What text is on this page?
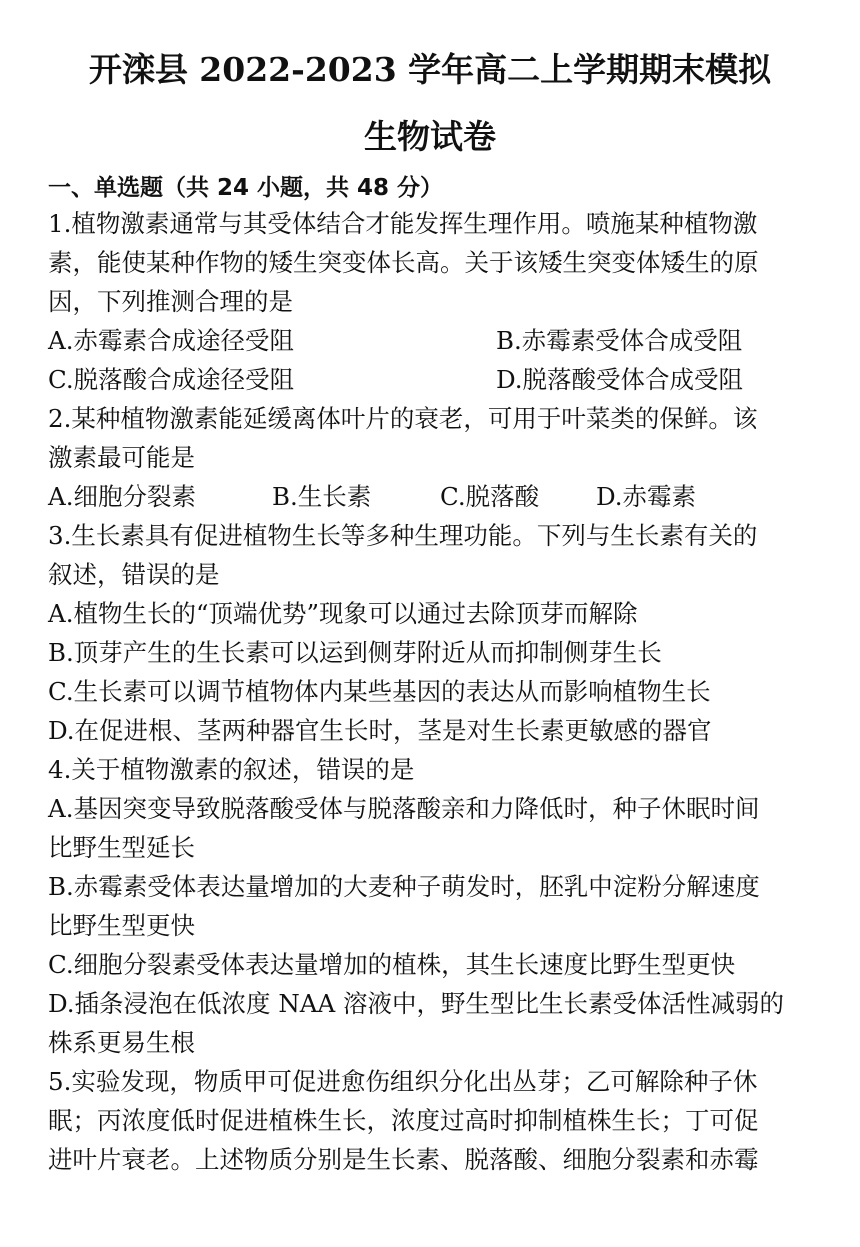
开滦县 2022-2023 学年高二上学期期末模拟
生物试卷
一、单选题（共 24 小题，共 48 分）
1.植物激素通常与其受体结合才能发挥生理作用。喷施某种植物激
素，能使某种作物的矮生突变体长高。关于该矮生突变体矮生的原
因，下列推测合理的是
A.赤霉素合成途径受阻	B.赤霉素受体合成受阻
C.脱落酸合成途径受阻	D.脱落酸受体合成受阻
2.某种植物激素能延缓离体叶片的衰老，可用于叶菜类的保鲜。该
激素最可能是
A.细胞分裂素	B.生长素	C.脱落酸 D.赤霉素
3.生长素具有促进植物生长等多种生理功能。下列与生长素有关的
叙述，错误的是
A.植物生长的“顶端优势”现象可以通过去除顶芽而解除
B.顶芽产生的生长素可以运到侧芽附近从而抑制侧芽生长
C.生长素可以调节植物体内某些基因的表达从而影响植物生长
D.在促进根、茎两种器官生长时，茎是对生长素更敏感的器官
4.关于植物激素的叙述，错误的是
A.基因突变导致脱落酸受体与脱落酸亲和力降低时，种子休眠时间
比野生型延长
B.赤霉素受体表达量增加的大麦种子萌发时，胚乳中淀粉分解速度
比野生型更快
C.细胞分裂素受体表达量增加的植株，其生长速度比野生型更快
D.插条浸泡在低浓度 NAA 溶液中，野生型比生长素受体活性减弱的
株系更易生根
5.实验发现，物质甲可促进愈伤组织分化出丛芽；乙可解除种子休
眠；丙浓度低时促进植株生长，浓度过高时抑制植株生长；丁可促
进叶片衰老。上述物质分别是生长素、脱落酸、细胞分裂素和赤霉
